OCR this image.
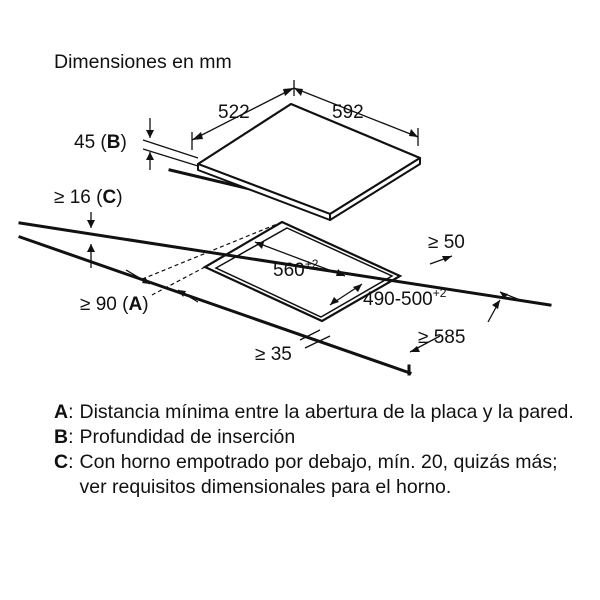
Dimensiones en mm
522	592
45 (B)
≥ 16 (C)
≥ 50
$560^{+2}$
$490-500^{+2}$
≥ 90 (A)
≥ 585
≥ 35
A : Distancia mínima entre la abertura de la placa y la pared.
B : Profundidad de inserción
C : Con horno empotrado por debajo, mín. 20, quizás más; ver requisitos dimensionales para el horno.
